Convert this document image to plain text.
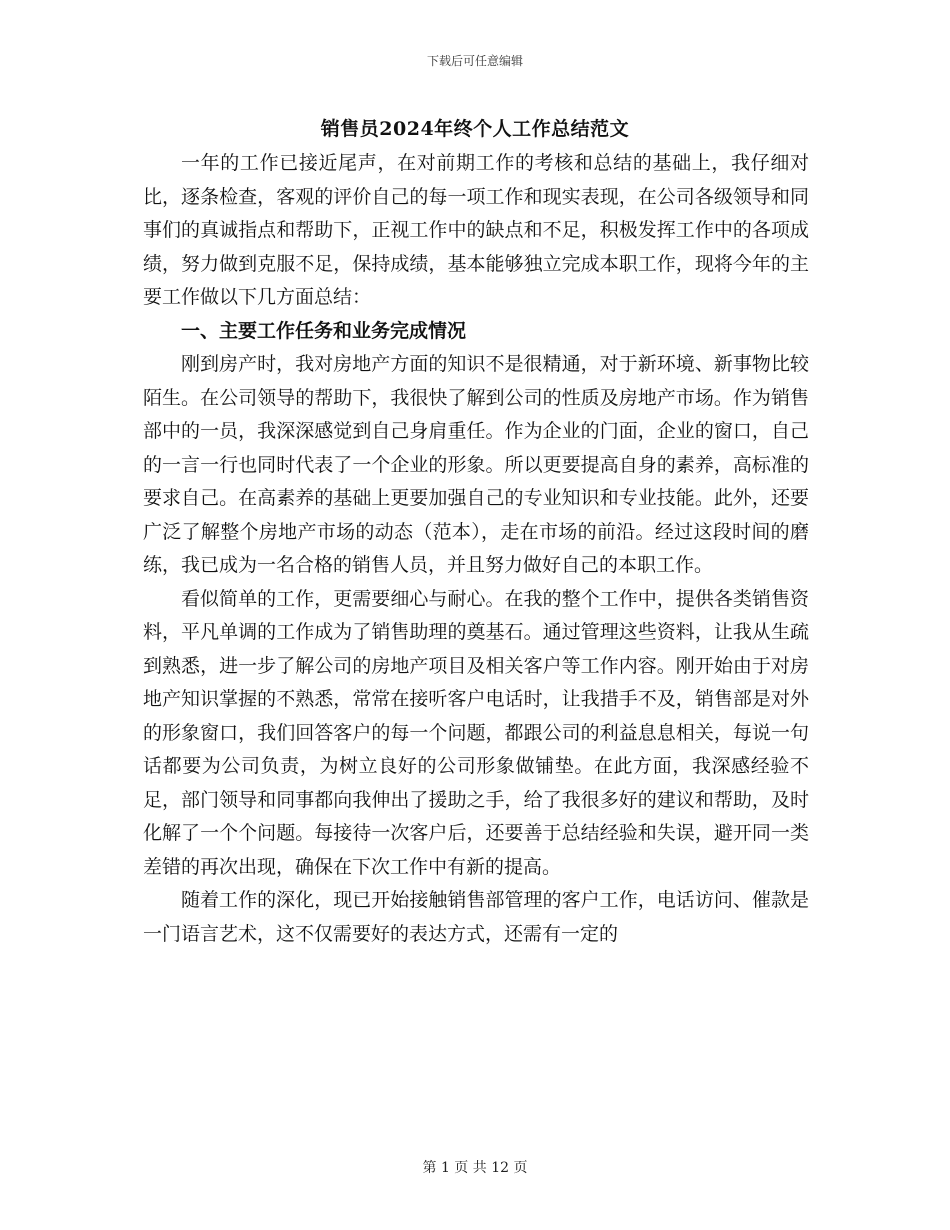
下载后可任意编辑
销售员2024年终个人工作总结范文

一年的工作已接近尾声，在对前期工作的考核和总结的基础上，我仔细对比，逐条检查，客观的评价自己的每一项工作和现实表现，在公司各级领导和同事们的真诚指点和帮助下，正视工作中的缺点和不足，积极发挥工作中的各项成绩，努力做到克服不足，保持成绩，基本能够独立完成本职工作，现将今年的主要工作做以下几方面总结：

一、主要工作任务和业务完成情况

刚到房产时，我对房地产方面的知识不是很精通，对于新环境、新事物比较陌生。在公司领导的帮助下，我很快了解到公司的性质及房地产市场。作为销售部中的一员，我深深感觉到自己身肩重任。作为企业的门面，企业的窗口，自己的一言一行也同时代表了一个企业的形象。所以更要提高自身的素养，高标准的要求自己。在高素养的基础上更要加强自己的专业知识和专业技能。此外，还要广泛了解整个房地产市场的动态（范本），走在市场的前沿。经过这段时间的磨练，我已成为一名合格的销售人员，并且努力做好自己的本职工作。

看似简单的工作，更需要细心与耐心。在我的整个工作中，提供各类销售资料，平凡单调的工作成为了销售助理的奠基石。通过管理这些资料，让我从生疏到熟悉，进一步了解公司的房地产项目及相关客户等工作内容。刚开始由于对房地产知识掌握的不熟悉，常常在接听客户电话时，让我措手不及，销售部是对外的形象窗口，我们回答客户的每一个问题，都跟公司的利益息息相关，每说一句话都要为公司负责，为树立良好的公司形象做铺垫。在此方面，我深感经验不足，部门领导和同事都向我伸出了援助之手，给了我很多好的建议和帮助，及时化解了一个个问题。每接待一次客户后，还要善于总结经验和失误，避开同一类差错的再次出现，确保在下次工作中有新的提高。

随着工作的深化，现已开始接触销售部管理的客户工作，电话访问、催款是一门语言艺术，这不仅需要好的表达方式，还需有一定的

第 1 页 共 12 页
